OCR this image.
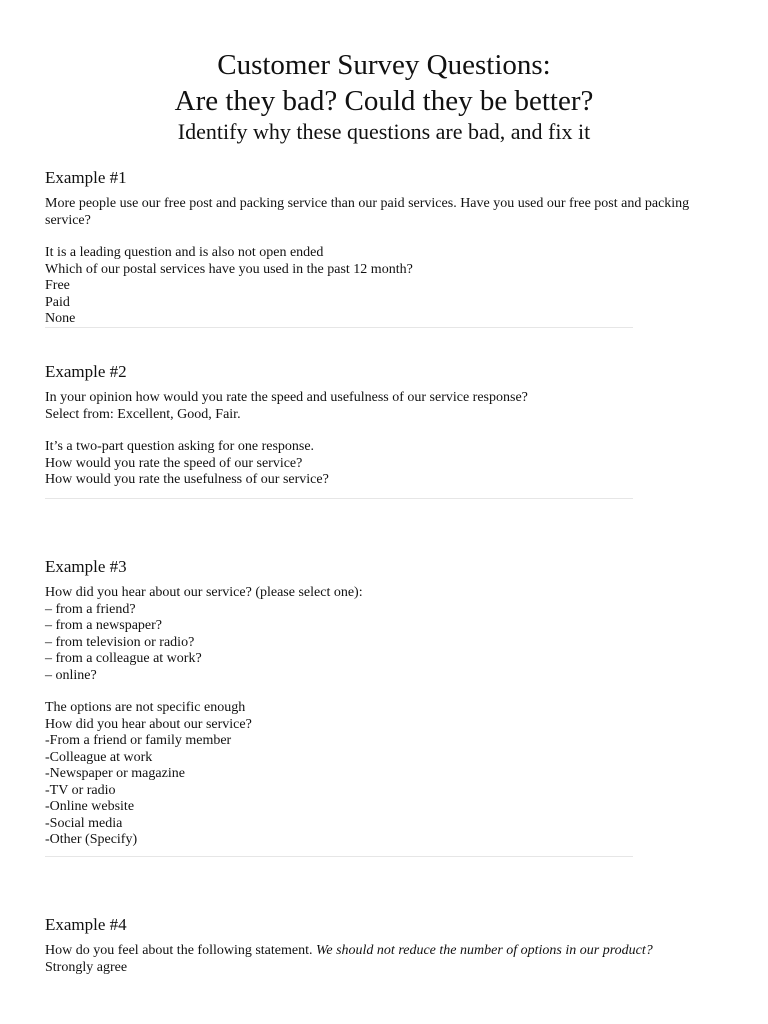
Customer Survey Questions:
Are they bad? Could they be better?
Identify why these questions are bad, and fix it
Example #1

More people use our free post and packing service than our paid services. Have you used our free post and packing service?

It is a leading question and is also not open ended

Which of our postal services have you used in the past 12 month?

Free

Paid

None

Example #2

In your opinion how would you rate the speed and usefulness of our service response?

Select from: Excellent, Good, Fair.

It’s a two-part question asking for one response.

How would you rate the speed of our service?

How would you rate the usefulness of our service?

Example #3

How did you hear about our service? (please select one):

– from a friend?

– from a newspaper?

– from television or radio?

– from a colleague at work?

– online?

The options are not specific enough

How did you hear about our service?

-From a friend or family member

-Colleague at work

-Newspaper or magazine

-TV or radio

-Online website

-Social media

-Other (Specify)

Example #4

How do you feel about the following statement. We should not reduce the number of options in our product?

Strongly agree
